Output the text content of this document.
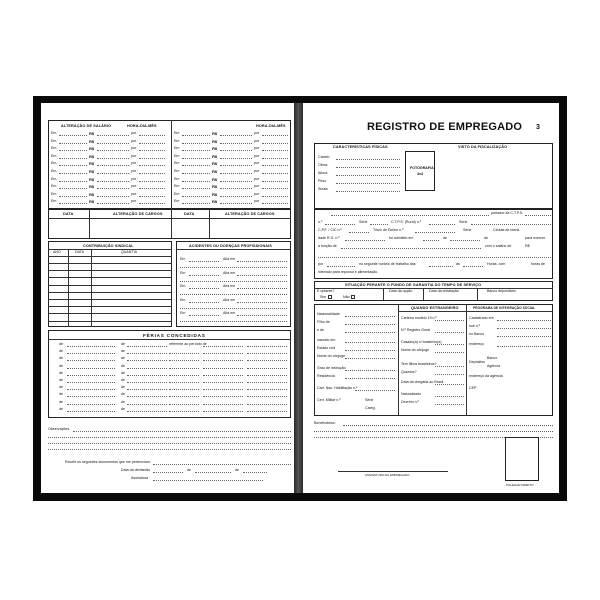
ALTERAÇÃO DE SALÁRIO	HORA-DIA-MÊS	HORA-DIA-MÊS
DATA	ALTERAÇÃO DE CARGOS	DATA	ALTERAÇÃO DE CARGOS
CONTRIBUIÇÃO SINDICAL
ANO	DATA	QUANTIA
ACIDENTES OU DOENÇAS PROFISSIONAIS
FÉRIAS CONCEDIDAS
Observações:
Recebi os seguintes documentos que me pertenciam:
Data da demissão	de	de
Assinatura
Em	R$	por
Em	R$	por
Em	R$	por
Em	R$	por
Em	R$	por
Em	R$	por
Em	R$	por
Em	R$	por
Em	R$	por
Em	R$	por
Em	R$	por
Em	R$	por
Em	R$	por
Em	R$	por
Em	R$	por
Em	R$	por
Em	R$	por
Em	R$	por
Em	R$	por
Em	R$	por
Em	Alta em
Em	Alta em
Em	Alta em
Em	Alta em
Em	Alta em
de	de	referente ao período de
de	de
de	de
de	de
de	de
de	de
de	de
de	de
de	de
de	de
REGISTRO DE EMPREGADO 3
CARACTERÍSTICAS FÍSICAS	VISTO DA FISCALIZAÇÃO
FOTOGRAFIA
3x4
portador da C.T.P.S.
n.º	Série	C.T.P.S. (Rural) n.º	Série
C.P.F. / CIC n.º	Título de Eleitor n.º	Série	Cédula de Identi-
dade R.G. n.º	foi admitido em	de	de	para exercer
a função de	com o salário de	R$
por	no seguinte horário de trabalho das	às	Horas, com	horas de
intervalo para repouso e alimentação.
SITUAÇÃO PERANTE O FUNDO DE GARANTIA DO TEMPO DE SERVIÇO
É optante?
Sim	Não
Data da opção	Data da retratação	Banco depositário
QUANDO ESTRANGEIRO	PROGRAMA DE INTEGRAÇÃO SOCIAL
Beneficiários:
ASSINATURA DO EMPREGADO
POLEGAR DIREITO
Cabelo
Olhos
Altura
Peso
Sinais
Nacionalidade
Filho de
e de
nascido em
Estado civil
Nome do cônjuge
Grau de instrução
Residência
Cart. Nac. Habilitação n.º
Cert. Militar n.º	Série
Categ.
Carteira modelo 19 n.º
N.º Registro Geral
Casado(a) c/ brasileiro(a)
Nome do cônjuge
Tem filhos brasileiros?
Quantos?
Data da chegada ao Brasil
Naturalizado
Decreto n.º
Cadastrado em
sob n.º
no Banco
endereço
Depósitos
Banco
Agência
endereço da agência
CEP
